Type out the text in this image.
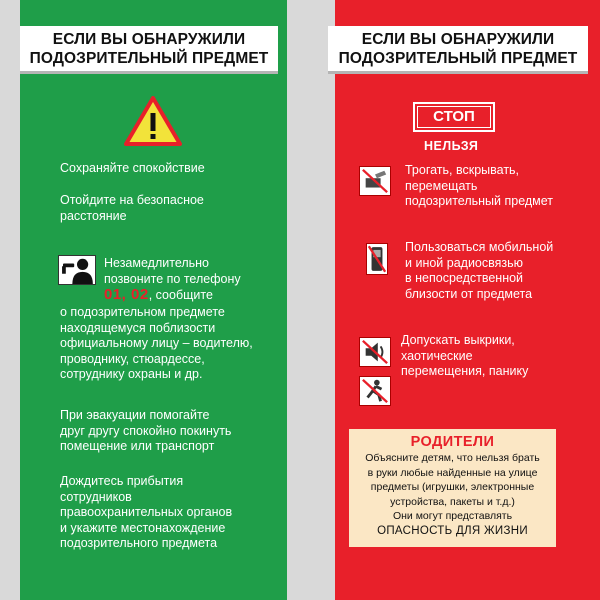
ЕСЛИ ВЫ ОБНАРУЖИЛИ
ПОДОЗРИТЕЛЬНЫЙ ПРЕДМЕТ
ЕСЛИ ВЫ ОБНАРУЖИЛИ
ПОДОЗРИТЕЛЬНЫЙ ПРЕДМЕТ
Сохраняйте спокойствие
Отойдите на безопасное
расстояние
Незамедлительно
позвоните по телефону
01, 02, сообщите
о подозрительном предмете
находящемуся поблизости
официальному лицу – водителю,
проводнику, стюардессе,
сотруднику охраны и др.
При эвакуации помогайте
друг другу спокойно покинуть
помещение или транспорт
Дождитесь прибытия
сотрудников
правоохранительных органов
и укажите местонахождение
подозрительного предмета
СТОП
НЕЛЬЗЯ
Трогать, вскрывать,
перемещать
подозрительный предмет
Пользоваться мобильной
и иной радиосвязью
в непосредственной
близости от предмета
Допускать выкрики,
хаотические
перемещения, панику
РОДИТЕЛИ
Объясните детям, что нельзя брать
в руки любые найденные на улице
предметы (игрушки, электронные
устройства, пакеты и т.д.)
Они могут представлять
ОПАСНОСТЬ ДЛЯ ЖИЗНИ
